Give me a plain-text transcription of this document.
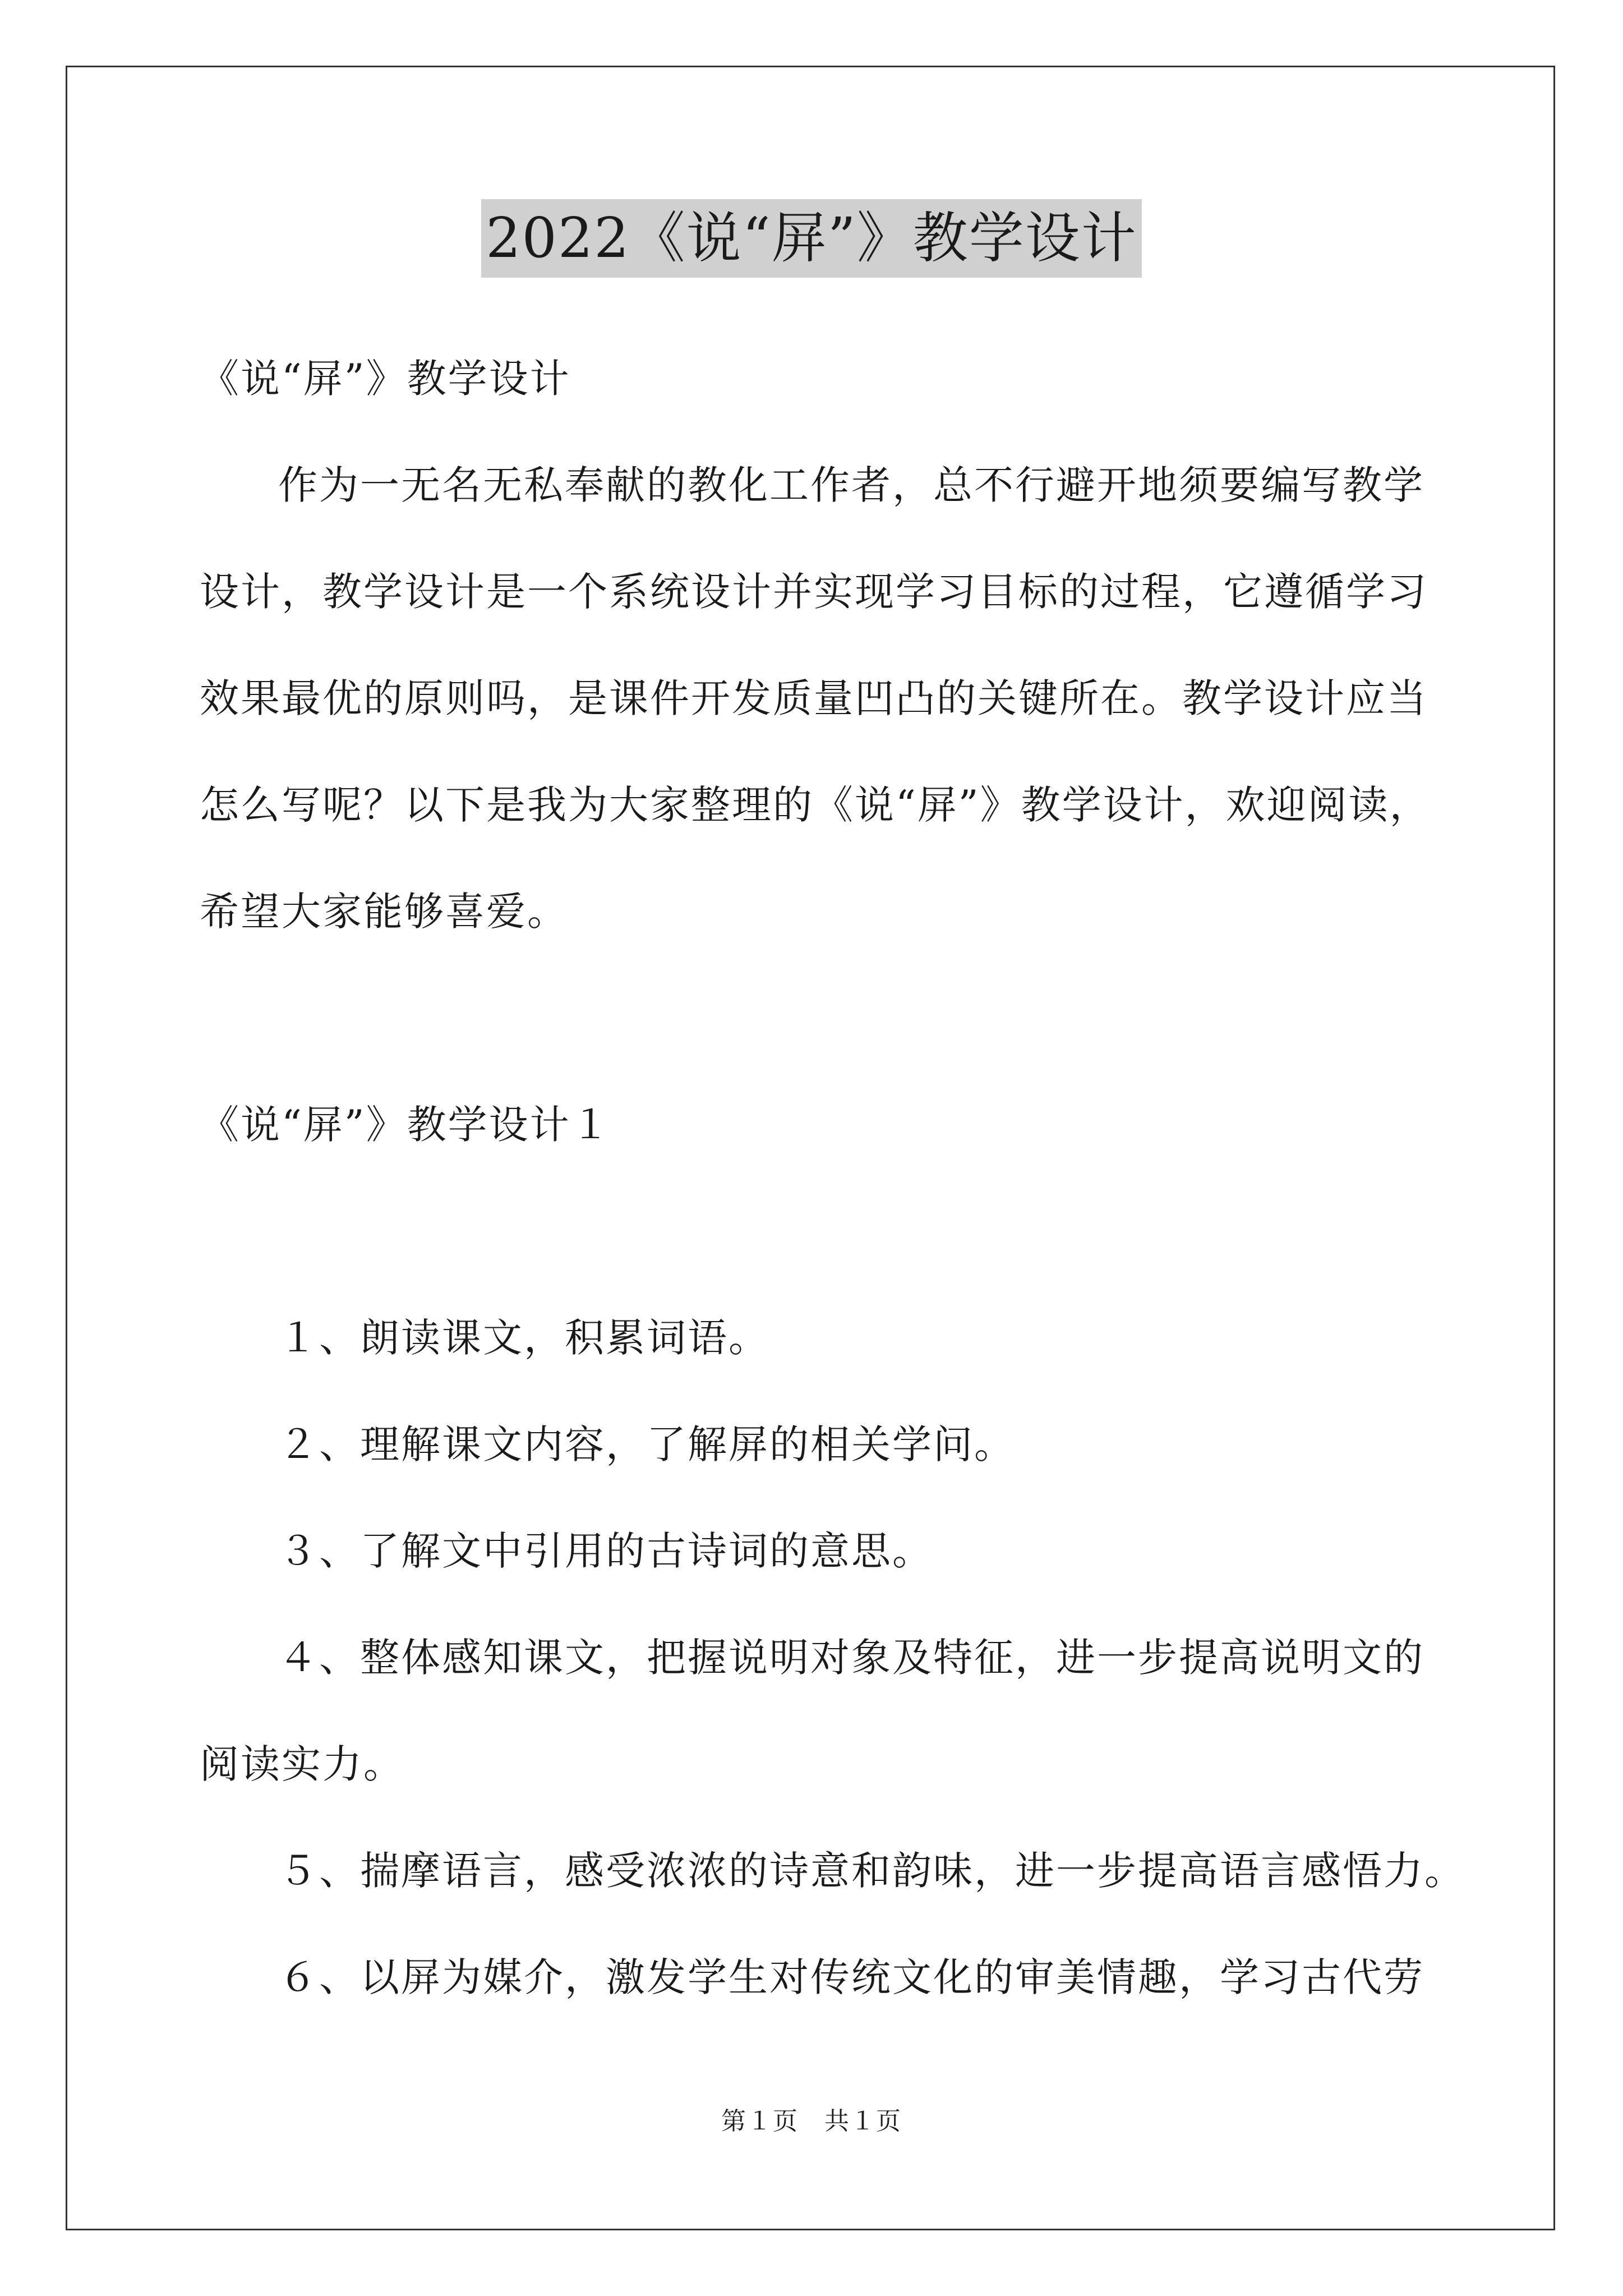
2022《说“屏”》教学设计
《说“屏”》教学设计
作为一无名无私奉献的教化工作者，总不行避开地须要编写教学
设计，教学设计是一个系统设计并实现学习目标的过程，它遵循学习
效果最优的原则吗，是课件开发质量凹凸的关键所在。教学设计应当
怎么写呢？以下是我为大家整理的《说“屏”》教学设计，欢迎阅读，
希望大家能够喜爱。
《说“屏”》教学设计１
１、朗读课文，积累词语。
２、理解课文内容，了解屏的相关学问。
３、了解文中引用的古诗词的意思。
４、整体感知课文，把握说明对象及特征，进一步提高说明文的
阅读实力。
５、揣摩语言，感受浓浓的诗意和韵味，进一步提高语言感悟力。
６、以屏为媒介，激发学生对传统文化的审美情趣，学习古代劳
第１页　共１页
